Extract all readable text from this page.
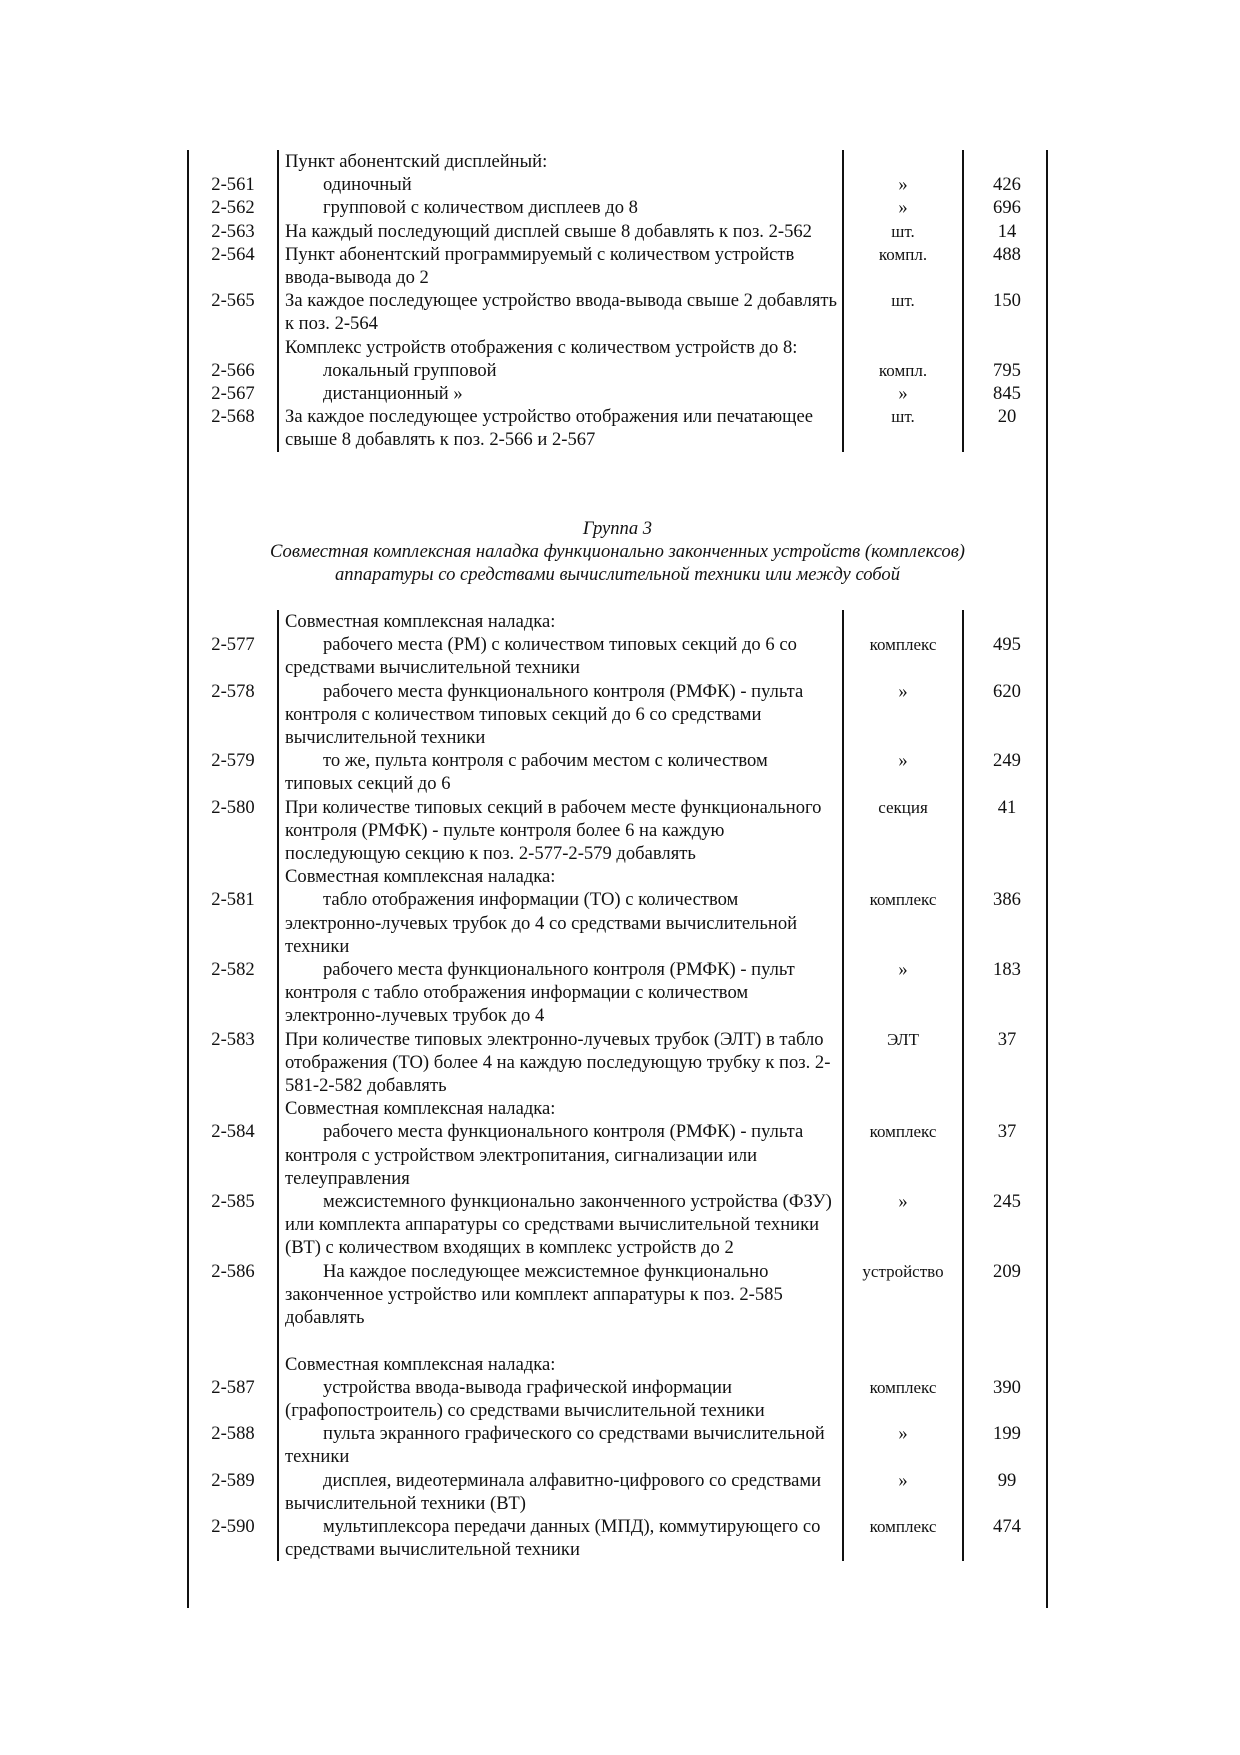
	Пункт абонентский дисплейный:		
2-561	одиночный	»	426
2-562	групповой с количеством дисплеев до 8	»	696
2-563	На каждый последующий дисплей свыше 8 добавлять к поз. 2-562	шт.	14
2-564	Пункт абонентский программируемый с количеством устройств ввода-вывода до 2	компл.	488
2-565	За каждое последующее устройство ввода-вывода свыше 2 добавлять к поз. 2-564	шт.	150
	Комплекс устройств отображения с количеством устройств до 8:		
2-566	локальный групповой	компл.	795
2-567	дистанционный »	»	845
2-568	За каждое последующее устройство отображения или печатающее свыше 8 добавлять к поз. 2-566 и 2-567	шт.	20
Группа 3
Совместная комплексная наладка функционально законченных устройств (комплексов)
аппаратуры со средствами вычислительной техники или между собой
	Совместная комплексная наладка:		
2-577	рабочего места (РМ) с количеством типовых секций до 6 со средствами вычислительной техники	комплекс	495
2-578	рабочего места функционального контроля (РМФК) - пульта контроля с количеством типовых секций до 6 со средствами вычислительной техники	»	620
2-579	то же, пульта контроля с рабочим местом с количеством типовых секций до 6	»	249
2-580	При количестве типовых секций в рабочем месте функционального контроля (РМФК) - пульте контроля более 6 на каждую последующую секцию к поз. 2-577-2-579 добавлять	секция	41
	Совместная комплексная наладка:		
2-581	табло отображения информации (ТО) с количеством электронно-лучевых трубок до 4 со средствами вычислительной техники	комплекс	386
2-582	рабочего места функционального контроля (РМФК) - пульт контроля с табло отображения информации с количеством электронно-лучевых трубок до 4	»	183
2-583	При количестве типовых электронно-лучевых трубок (ЭЛТ) в табло отображения (ТО) более 4 на каждую последующую трубку к поз. 2-581-2-582 добавлять	ЭЛТ	37
	Совместная комплексная наладка:		
2-584	рабочего места функционального контроля (РМФК) - пульта контроля с устройством электропитания, сигнализации или телеуправления	комплекс	37
2-585	межсистемного функционально законченного устройства (ФЗУ) или комплекта аппаратуры со средствами вычислительной техники (ВТ) с количеством входящих в комплекс устройств до 2	»	245
2-586	На каждое последующее межсистемное функционально законченное устройство или комплект аппаратуры к поз. 2-585 добавлять	устройство	209

	Совместная комплексная наладка:		
2-587	устройства ввода-вывода графической информации (графопостроитель) со средствами вычислительной техники	комплекс	390
2-588	пульта экранного графического со средствами вычислительной техники	»	199
2-589	дисплея, видеотерминала алфавитно-цифрового со средствами вычислительной техники (ВТ)	»	99
2-590	мультиплексора передачи данных (МПД), коммутирующего со средствами вычислительной техники	комплекс	474
